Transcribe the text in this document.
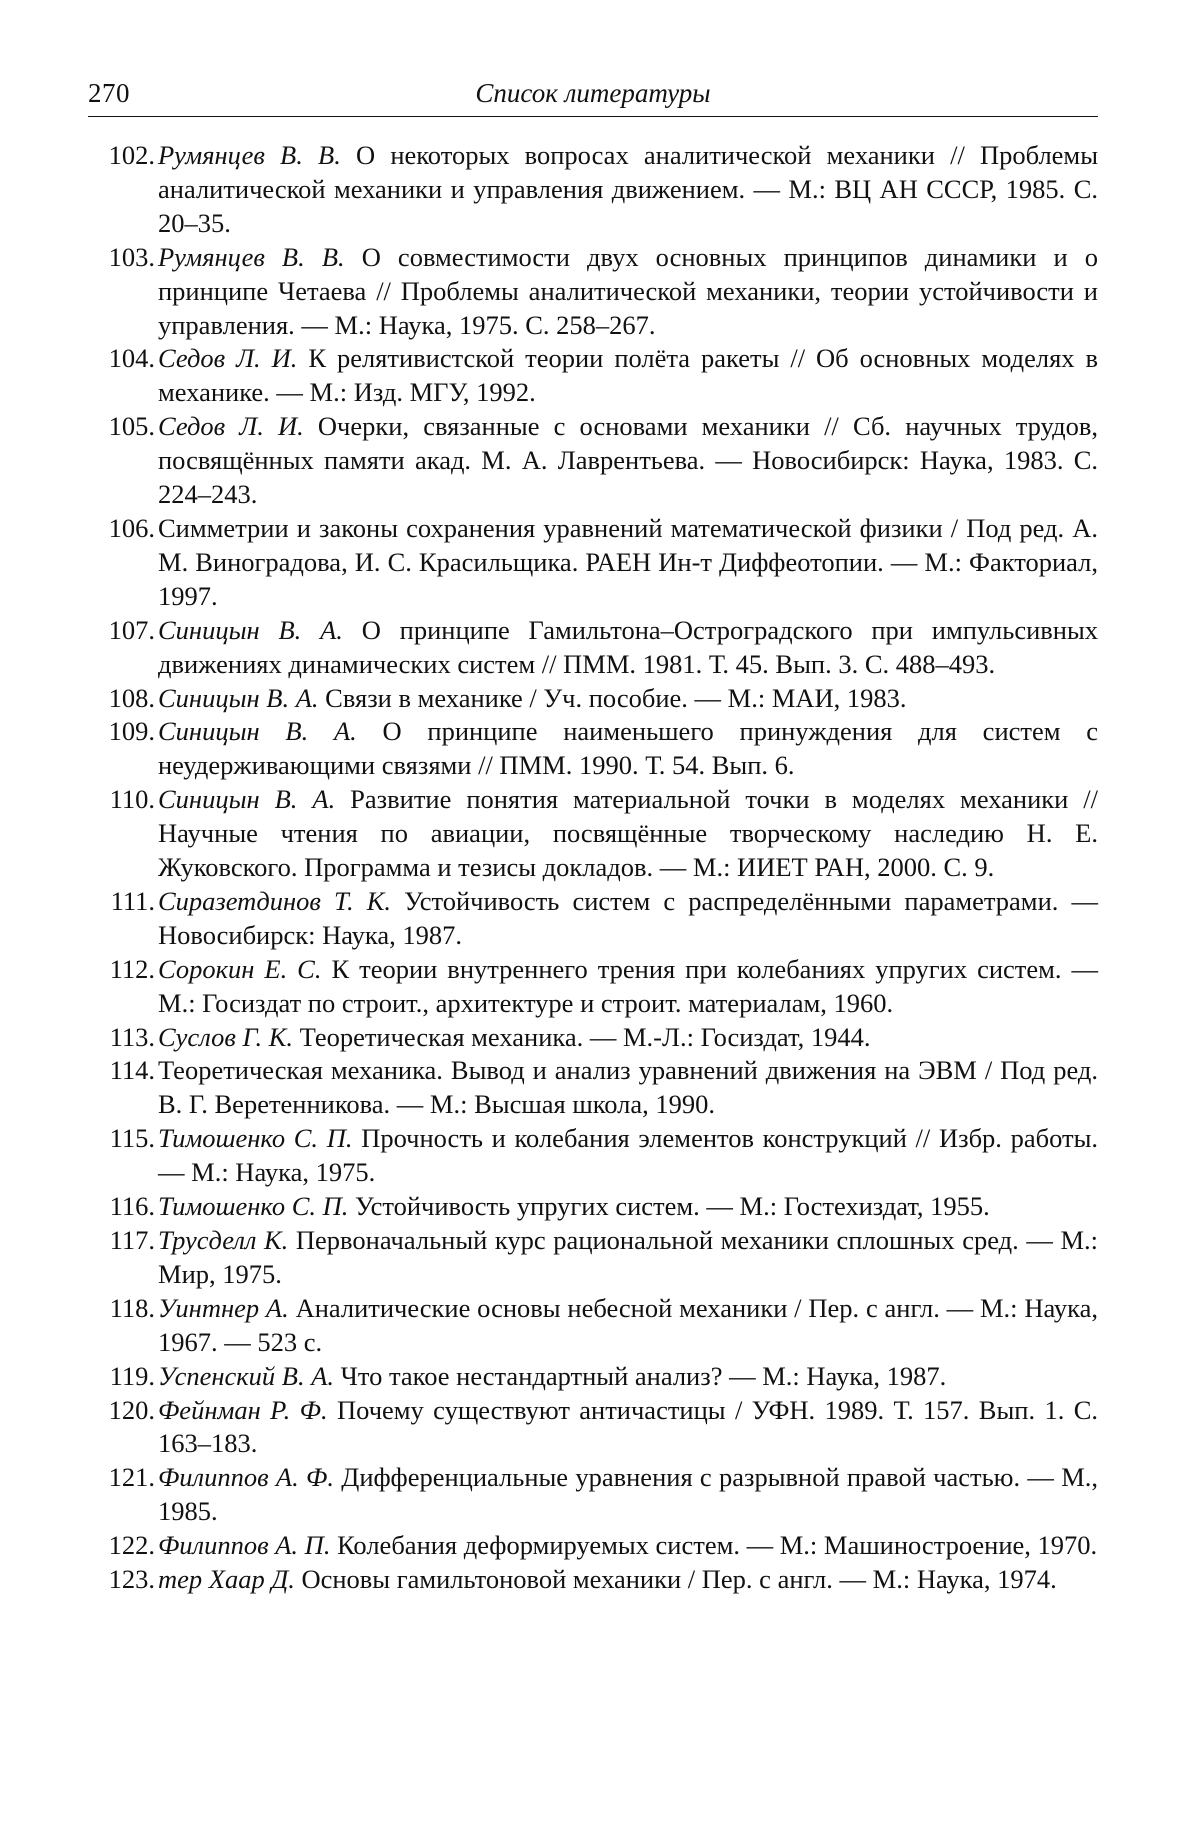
270	Список литературы
102. Румянцев В. В. О некоторых вопросах аналитической механики // Проблемы аналитической механики и управления движением. — М.: ВЦ АН СССР, 1985. С. 20–35.
103. Румянцев В. В. О совместимости двух основных принципов динамики и о принципе Четаева // Проблемы аналитической механики, теории устойчивости и управления. — М.: Наука, 1975. С. 258–267.
104. Седов Л. И. К релятивистской теории полёта ракеты // Об основных моделях в механике. — М.: Изд. МГУ, 1992.
105. Седов Л. И. Очерки, связанные с основами механики // Сб. научных трудов, посвящённых памяти акад. М. А. Лаврентьева. — Новосибирск: Наука, 1983. С. 224–243.
106. Симметрии и законы сохранения уравнений математической физики / Под ред. А. М. Виноградова, И. С. Красильщика. РАЕН Ин-т Диффеотопии. — М.: Факториал, 1997.
107. Синицын В. А. О принципе Гамильтона–Остроградского при импульсивных движениях динамических систем // ПММ. 1981. Т. 45. Вып. 3. С. 488–493.
108. Синицын В. А. Связи в механике / Уч. пособие. — М.: МАИ, 1983.
109. Синицын В. А. О принципе наименьшего принуждения для систем с неудерживающими связями // ПММ. 1990. Т. 54. Вып. 6.
110. Синицын В. А. Развитие понятия материальной точки в моделях механики // Научные чтения по авиации, посвящённые творческому наследию Н. Е. Жуковского. Программа и тезисы докладов. — М.: ИИЕТ РАН, 2000. С. 9.
111. Сиразетдинов Т. К. Устойчивость систем с распределёнными параметрами. — Новосибирск: Наука, 1987.
112. Сорокин Е. С. К теории внутреннего трения при колебаниях упругих систем. — М.: Госиздат по строит., архитектуре и строит. материалам, 1960.
113. Суслов Г. К. Теоретическая механика. — М.-Л.: Госиздат, 1944.
114. Теоретическая механика. Вывод и анализ уравнений движения на ЭВМ / Под ред. В. Г. Веретенникова. — М.: Высшая школа, 1990.
115. Тимошенко С. П. Прочность и колебания элементов конструкций // Избр. работы. — М.: Наука, 1975.
116. Тимошенко С. П. Устойчивость упругих систем. — М.: Гостехиздат, 1955.
117. Трусделл К. Первоначальный курс рациональной механики сплошных сред. — М.: Мир, 1975.
118. Уинтнер А. Аналитические основы небесной механики / Пер. с англ. — М.: Наука, 1967. — 523 с.
119. Успенский В. А. Что такое нестандартный анализ? — М.: Наука, 1987.
120. Фейнман Р. Ф. Почему существуют античастицы / УФН. 1989. Т. 157. Вып. 1. С. 163–183.
121. Филиппов А. Ф. Дифференциальные уравнения с разрывной правой частью. — М., 1985.
122. Филиппов А. П. Колебания деформируемых систем. — М.: Машиностроение, 1970.
123. тер Хаар Д. Основы гамильтоновой механики / Пер. с англ. — М.: Наука, 1974.
